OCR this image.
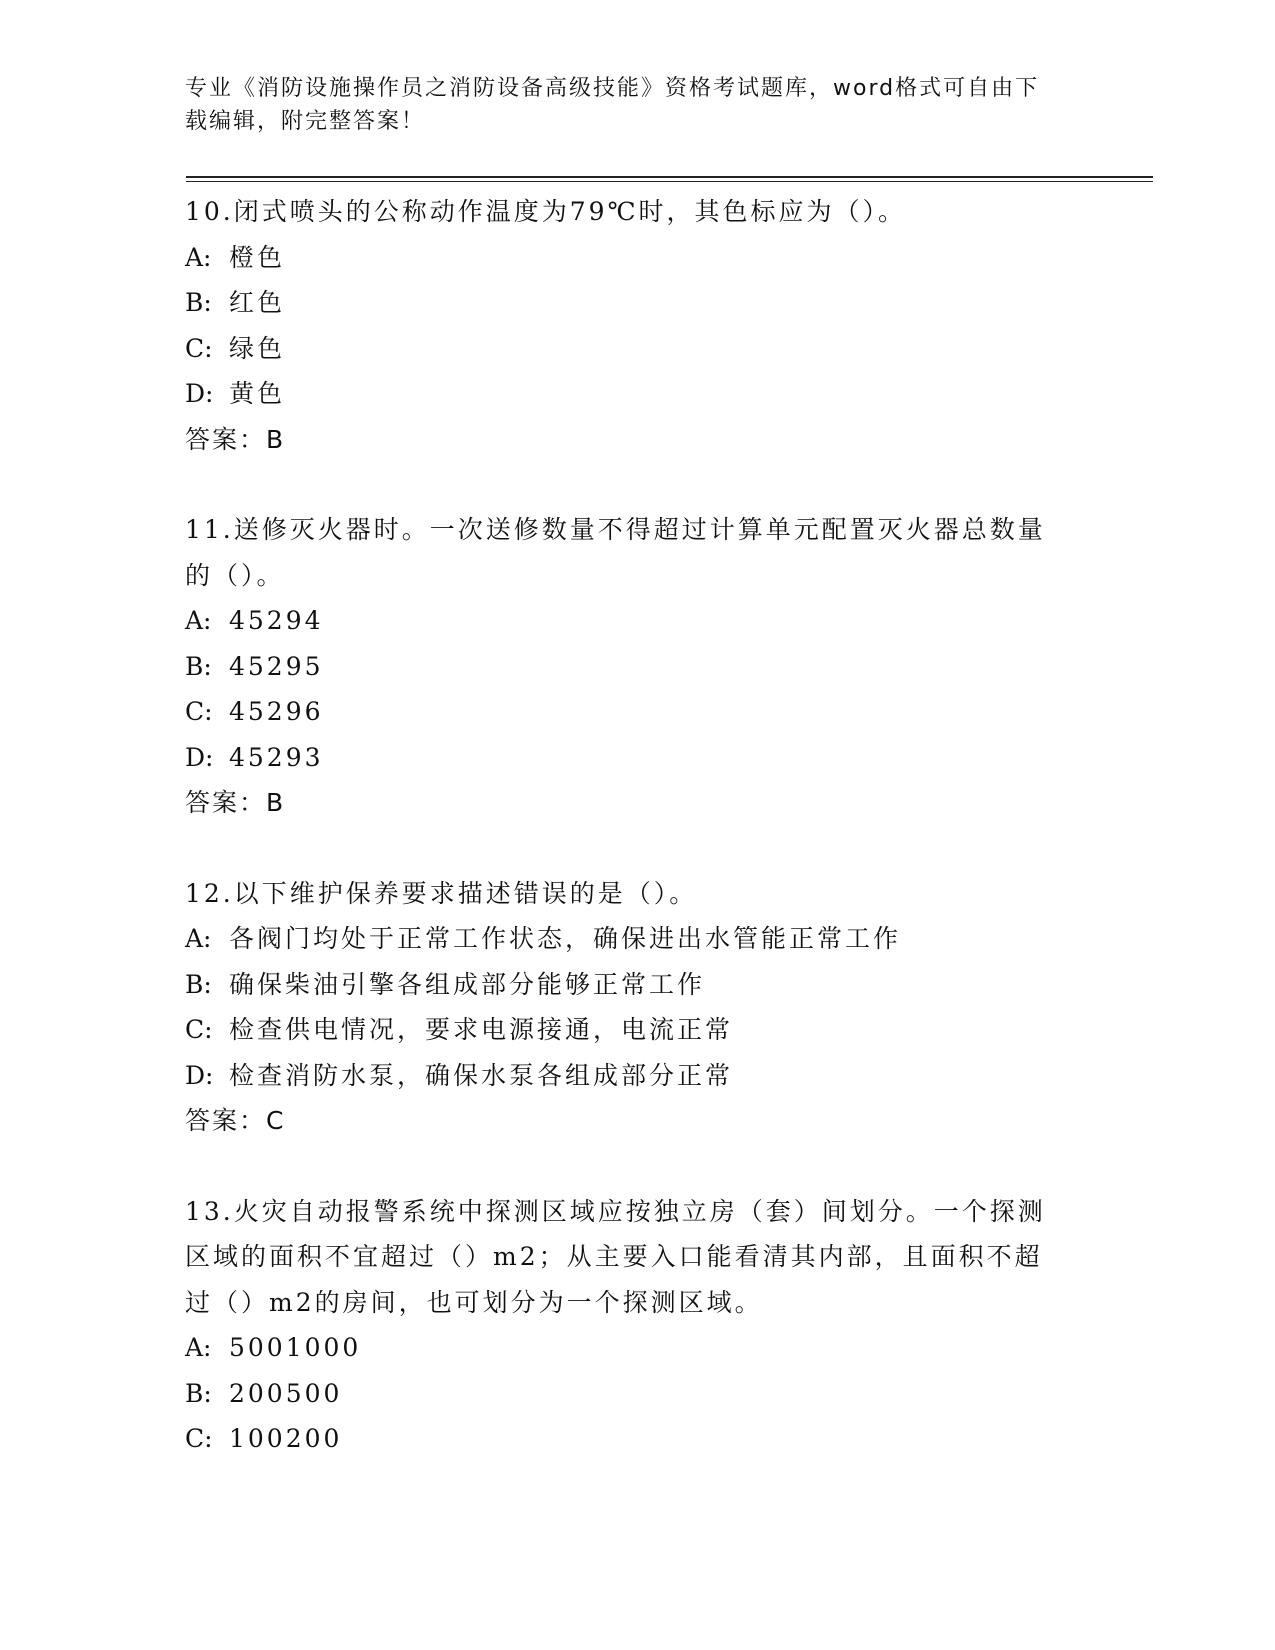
专业《消防设施操作员之消防设备高级技能》资格考试题库，word格式可自由下
载编辑，附完整答案！

10.闭式喷头的公称动作温度为79℃时，其色标应为（）。

A: 橙色

B: 红色

C: 绿色

D: 黄色

答案：B

11.送修灭火器时。一次送修数量不得超过计算单元配置灭火器总数量

的（）。

A: 45294

B: 45295

C: 45296

D: 45293

答案：B

12.以下维护保养要求描述错误的是（）。

A: 各阀门均处于正常工作状态，确保进出水管能正常工作

B: 确保柴油引擎各组成部分能够正常工作

C: 检查供电情况，要求电源接通，电流正常

D: 检查消防水泵，确保水泵各组成部分正常

答案：C

13.火灾自动报警系统中探测区域应按独立房（套）间划分。一个探测

区域的面积不宜超过（）m2；从主要入口能看清其内部，且面积不超

过（）m2的房间，也可划分为一个探测区域。

A: 5001000

B: 200500

C: 100200
